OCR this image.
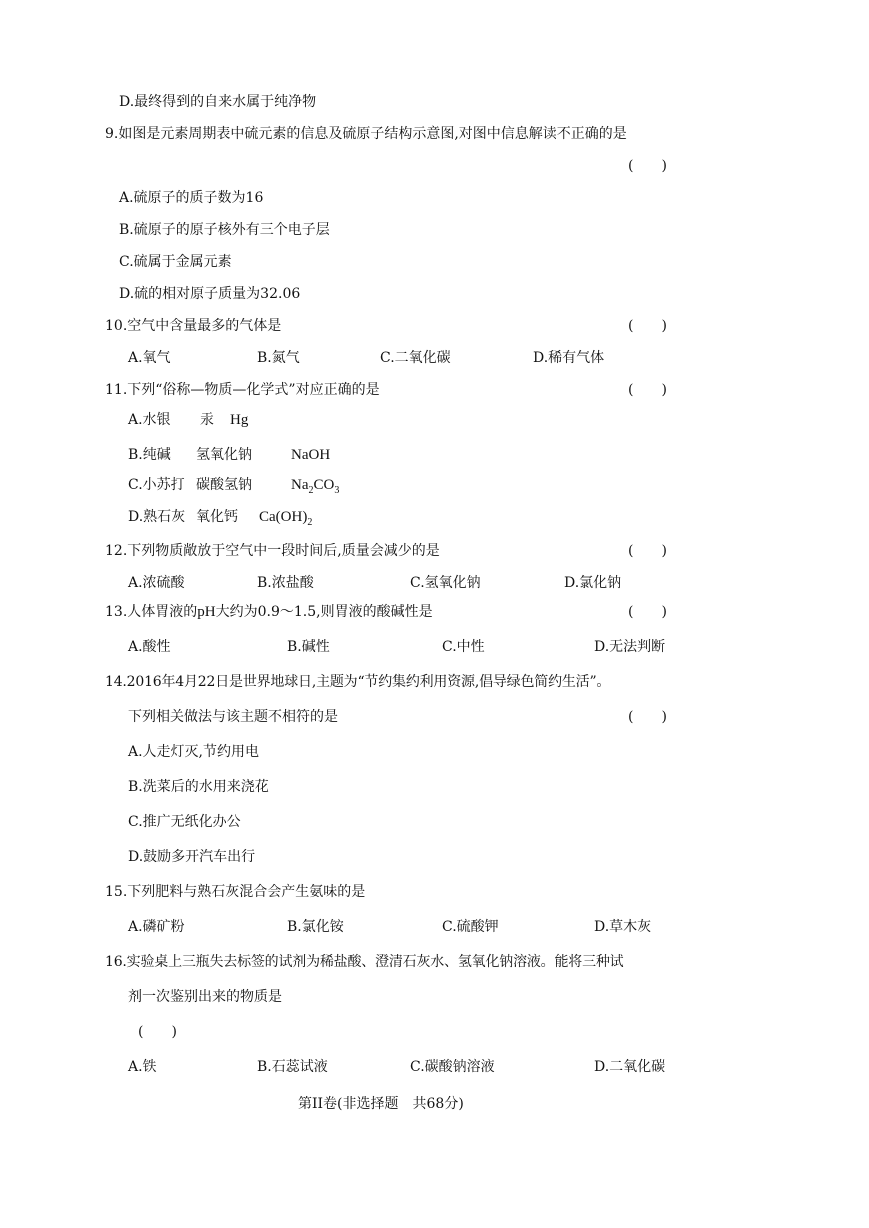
D.最终得到的自来水属于纯净物
9.如图是元素周期表中硫元素的信息及硫原子结构示意图,对图中信息解读不正确的是
(　　)
A.硫原子的质子数为16
B.硫原子的原子核外有三个电子层
C.硫属于金属元素
D.硫的相对原子质量为32.06
10.空气中含量最多的气体是	(　　)
A.氧气	B.氮气	C.二氧化碳	D.稀有气体
11.下列“俗称—物质—化学式”对应正确的是	(　　)
A.水银 汞 Hg
B.纯碱 氢氧化钠	NaOH
C.小苏打 碳酸氢钠	$Na_2CO_3$
D.熟石灰 氧化钙 $Ca(OH)_2$
12.下列物质敞放于空气中一段时间后,质量会减少的是	(　　)
A.浓硫酸	B.浓盐酸	C.氢氧化钠	D.氯化钠
13.人体胃液的pH大约为0.9～1.5,则胃液的酸碱性是	(　　)
A.酸性	B.碱性	C.中性	D.无法判断
14.2016年4月22日是世界地球日,主题为“节约集约利用资源,倡导绿色简约生活”。
下列相关做法与该主题不相符的是	(　　)
A.人走灯灭,节约用电
B.洗菜后的水用来浇花
C.推广无纸化办公
D.鼓励多开汽车出行
15.下列肥料与熟石灰混合会产生氨味的是
A.磷矿粉	B.氯化铵	C.硫酸钾	D.草木灰
16.实验桌上三瓶失去标签的试剂为稀盐酸、澄清石灰水、氢氧化钠溶液。能将三种试
剂一次鉴别出来的物质是
(　　)
A.铁	B.石蕊试液	C.碳酸钠溶液	D.二氧化碳
第II卷(非选择题　共68分)
